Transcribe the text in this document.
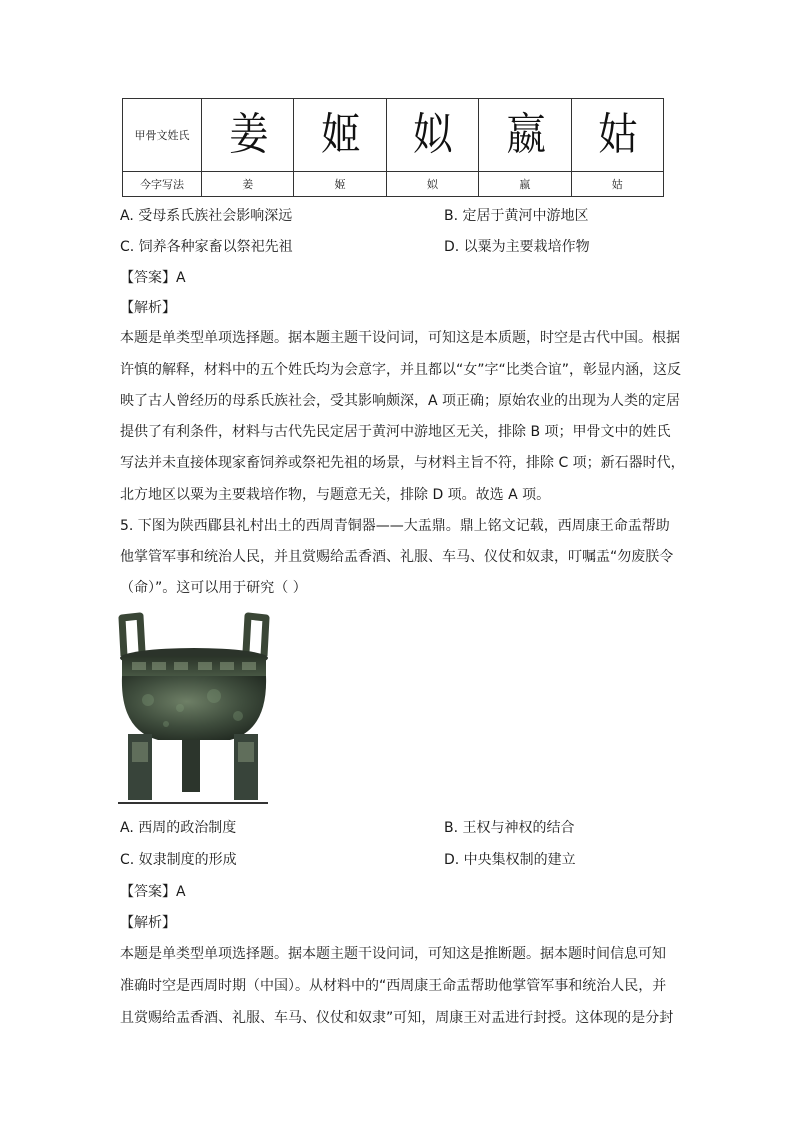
甲骨文姓氏	姜	姬	姒	嬴	姑
今字写法	姜	姬	姒	嬴	姑
A. 受母系氏族社会影响深远	B. 定居于黄河中游地区
C. 饲养各种家畜以祭祀先祖	D. 以粟为主要栽培作物
【答案】A
【解析】
本题是单类型单项选择题。据本题主题干设问词，可知这是本质题，时空是古代中国。根据
许慎的解释，材料中的五个姓氏均为会意字，并且都以“女”字“比类合谊”，彰显内涵，这反
映了古人曾经历的母系氏族社会，受其影响颇深，A 项正确；原始农业的出现为人类的定居
提供了有利条件，材料与古代先民定居于黄河中游地区无关，排除 B 项；甲骨文中的姓氏
写法并未直接体现家畜饲养或祭祀先祖的场景，与材料主旨不符，排除 C 项；新石器时代，
北方地区以粟为主要栽培作物，与题意无关，排除 D 项。故选 A 项。
5. 下图为陕西郿县礼村出土的西周青铜器——大盂鼎。鼎上铭文记载，西周康王命盂帮助
他掌管军事和统治人民，并且赏赐给盂香酒、礼服、车马、仪仗和奴隶，叮嘱盂“勿废朕令
（命）”。这可以用于研究（ ）
A. 西周的政治制度	B. 王权与神权的结合
C. 奴隶制度的形成	D. 中央集权制的建立
【答案】A
【解析】
本题是单类型单项选择题。据本题主题干设问词，可知这是推断题。据本题时间信息可知
准确时空是西周时期（中国）。从材料中的“西周康王命盂帮助他掌管军事和统治人民，并
且赏赐给盂香酒、礼服、车马、仪仗和奴隶”可知，周康王对盂进行封授。这体现的是分封
